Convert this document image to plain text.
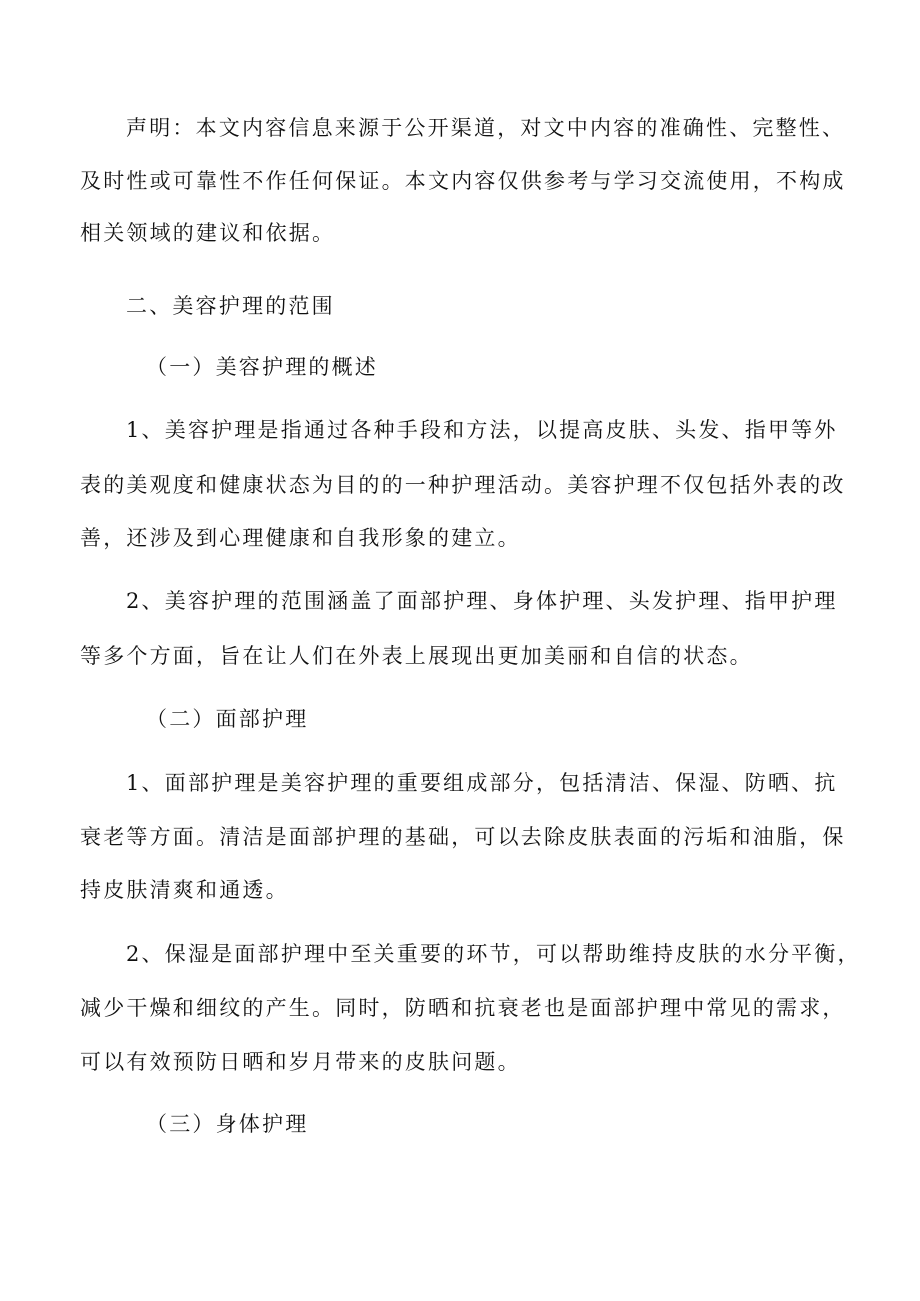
声明：本文内容信息来源于公开渠道，对文中内容的准确性、完整性、
及时性或可靠性不作任何保证。本文内容仅供参考与学习交流使用，不构成
相关领域的建议和依据。
二、美容护理的范围
（一）美容护理的概述
1、美容护理是指通过各种手段和方法，以提高皮肤、头发、指甲等外
表的美观度和健康状态为目的的一种护理活动。美容护理不仅包括外表的改
善，还涉及到心理健康和自我形象的建立。
2、美容护理的范围涵盖了面部护理、身体护理、头发护理、指甲护理
等多个方面，旨在让人们在外表上展现出更加美丽和自信的状态。
（二）面部护理
1、面部护理是美容护理的重要组成部分，包括清洁、保湿、防晒、抗
衰老等方面。清洁是面部护理的基础，可以去除皮肤表面的污垢和油脂，保
持皮肤清爽和通透。
2、保湿是面部护理中至关重要的环节，可以帮助维持皮肤的水分平衡，
减少干燥和细纹的产生。同时，防晒和抗衰老也是面部护理中常见的需求，
可以有效预防日晒和岁月带来的皮肤问题。
（三）身体护理
